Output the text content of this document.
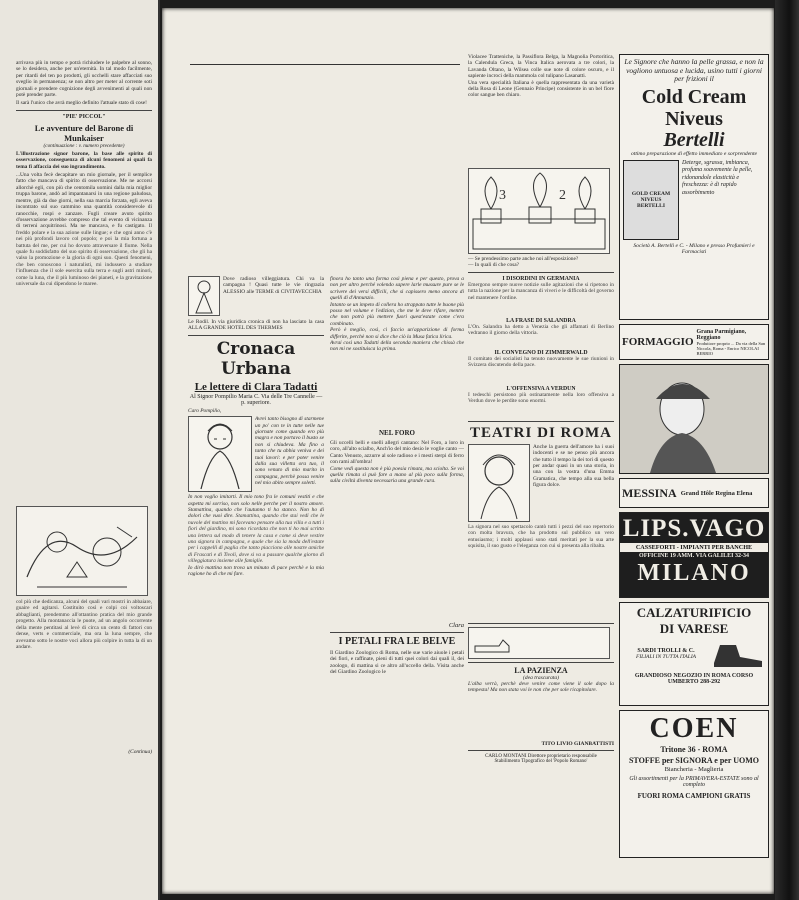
arrivava più in tempo e potrà richiudere le palpebre al sonno, se lo desidera, anche per un'eternità. In tal modo facilmente, per ritardi del ten po prodotti, gli ucchelli stare affacciati suo sveglio in permanenza; se non altro per meter al corrente soti giornali e prendere cognizione degli avvenimenti al quali non potè prender parte.
Il sarà l'unico che avrà meglio definito l'attuale stato di cose!
"PIE' PICCOL"
Le avventure del Barone di Munkaiser
(continuazione : v. numero precedente)
L'illustrazione signor barone, la base alle spirito di osservazione, conseguenza di alcuni fenomeni ai quali fa tema fi affaccia dei suo ingrandimento.
...Una volta fecè decapitare un mio giornale, per il semplice fatto che mancava di spirito di osservazione. Me ne accorsi allorchè egli, con più che centomila uomini dalla mia miglior truppa barone, andò ad impantanarsi in una regione paludosa, mentre, già da due giorni, nella sua marcia forzata, egli aveva incontrato sul suo cammino una quantità considerevole di ranocchie, rospi e zanzare. Fugli creare avuto spirito d'osservazione avrebbe compreso che tal evento di vicinanza di terreni acquitrinosi. Ma ne mancava, e fu castigato. Il freddo polare e la sua azione sulle lingue; e che ogni anno c'è nei più profondi lavoro col popolo; e poi la mia fortuna a battuta del me, per cui ho dovuto attraversare il fiume. Nella quale fu soddisfatto del suo spirito di osservazione, che gli ha valso la promozione e la gloria di ogni suo. Questi fenomeni, che ben conoscono i naturalisti, mi indussero a studiare l'influenza che il sole esercita sulla terra e sugli astri minori, come la luna, che il più luminoso dei pianeti, e la gravitazione universale da cui dipendono le maree.
col più che dedicanza, alcuni del quali vari mostri in abbaiare, guaire ed agitarsi. Costituito così e colpi coi voltoscari abbaglianti, prendemmo all'ottantino pratica del mio grande progetto. Alla montanaccia le puote, ad un angolo occorrente della mente pentitasi al levè di circa un cento di fattori con dense, verts e commerciale, ma ora la luna sempre, che avevamo sotto le nostre voci allora più colpire in tutta la di un andare.
(Continua)
Dove radioso villeggiatura. Chi va la campagna ! Quasi tutte le vie ringrazia ALESSIO alle TERME di CIVITAVECCHIA
Le Rodil. In via giuridica cronica di non ha lasciato la casa ALLA GRANDE HOTEL DES THERMES
Cronaca Urbana
Le lettere di Clara Tadatti
Al Signor Pompilio Maria C. Via delle Tre Cannelle — p. superiore.
Caro Pompilio,
Avrei tanto bisogno di starmene un po' con te in tutte nelle tue giornate come quando ero più magra e non portavo il busto se non si chiudeva. Ma fino a tanto che tu abbia veniva e dei tuoi lavori: e per poter venire dalla sua villetta ora tuo, il sono venuto di mio marito in campagna, perchè possa venire nel mio abito sempre soletti.
In non voglio imitarti. Il mio tono fra le comuni vestiti e che aspetta mi sorriso, non solo nelle perche per il nostro amore. Stamattina, quando che l'autunno ti ha stanco. Non ho di dolori che vuoi dire. Stamattina, quando che stai vedi che le nuvole del mattino mi facevano pensare alla tua villa e a tutti i fiori del giardino, mi sono ricordata che non ti ho mai scritto una lettera sul modo di tenere la casa e come si deve vestire una signora in campagna, e quale che sia la moda dell'estate per i cappelli di paglia che tanto piacciono alle nostre amiche di Frascati e di Tivoli, dove si va a passare qualche giorno di villeggiatura insieme alle famiglie.
Io dirò mattina non trova un minuto di pace perchè e la mia ragione ho di che mi fare.
finora ho tanto una forma così piena e per questo, prova a non per altro perché volendo sapere larle mussure pure se le scrivere dei versi difficili, che si capissero meno ancora di quelli di d'Annunzio.
Intanto se un impeto di collera ho strappato tutte le buone più posso nel volume e l'edizion, che me le deve rifare, mentre che non potrà più mettere fuori quest'estate come c'era combinato.
Però è meglio, così, ci faccio un'apparizione di forma differite, perchè non si dice che ciò la Musa fatica lirica.
Avrai così una Tadatti della seconda maniera che chissà che non mi ne sostituisca la prima.
NEL FORO
Gli uccelli belli e snelli allegri cantano: Nel Foro, a loro in coro, all'alto scialbo, Anch'io del mio desio le voglie canto — Canto Venusto, azzurre al sole radioso e i mesti sterpi di ferro con rami all'ombra!
Come vedi questa non è più poesia rimata, ma sciolta. Se voi quella rimata si può fare a mano al più poco sulla forma, sulla civiltà diventa necessaria una grande cura.
Clara
I PETALI FRA LE BELVE
Il Giardino Zoologico di Roma, nelle sue varie aiuole i petali dei fiori, e raffinate, pieni di tutti quei colori dai quali il, dei zoologo, di mattina si ce altro all'uccello della. Visita anche del Giardino Zoologico le
Violacee Tratteniche, la Passiflora Belga, la Magnolia Portoritica, la Calendula Greca, la Vinca Italica aerovata a tre colori, la Lavanda Oltano, la Wilsea colle sue note di colore oscuro, e il sapiente incroci della mammola col tulipano Lasanatti.
Una vera specialità Italiana è quella rappresentata da una varietà della Rosa di Leone (Gennaio Principe) consistente in un bel fiore color sangue ben chiaro.
3	2
— Se prendessimo parte anche noi all'esposizione?
— In quali di che cosa?
I DISORDINI IN GERMANIA
Emergono sempre nuove notizie sulle agitazioni che si ripetono in tutta la nazione per la mancanza di viveri e le difficoltà del governo nel mantenere l'ordine.
LA FRASE DI SALANDRA
L'On. Salandra ha detto a Venezia che gli affamati di Berlino vedranno il giorno della vittoria.
IL CONVEGNO DI ZIMMERWALD
Il comitato dei socialisti ha tenuto nuovamente le sue riunioni in Svizzera discutendo della pace.
L'OFFENSIVA A VERDUN
I tedeschi persistono più ostinatamente nella loro offensiva a Verdun dove le perdite sono enormi.
TEATRI DI ROMA
Anche la guerra dell'amore ha i suoi indocenti e se ne penso più ancora che tutto il tempo la dei tori di questo per andar quasi in un una storia, in una con la vostra d'una Emma Gramatica, che tempo alla sua bella figura dolce.
La signora nel suo spettacolo cantò tutti i pezzi del suo repertorio con molta bravura, che ha prodotto sul pubblico un vero entusiasmo; i molti applausi sono stati meritati per la sua arte squisita, il suo gusto e l'eleganza con cui si presenta alla ribalta.
LA PAZIENZA
(dea trascurata)
L'alba verrà, perchè deve venire come viene il sole dopo la tempesta! Ma non stata voi le non che per sole ricapitolare.
TITO LIVIO GIANBATTISTI
CARLO MONTANI Direttore proprietario responsabile
Stabilimento Tipografico del 'Popolo Romano'
Le Signore che hanno la pelle grassa, e non la vogliono untuosa e lucida, usino tutti i giorni per frizioni il
Cold Cream
Niveus
Bertelli
ottimo preparazione di effetto immediato e sorprendente
GOLD CREAM NIVEUS BERTELLI
Deterge, sgrassa, imbianca, profuma soavemente la pelle, ridonandole elasticità e freschezza: è di rapido assorbimento
Società A. Bertelli e C. - Milano e presso Profumieri e Farmacisti
FORMAGGIO
Grana Parmigiano, Reggiano
Produttore proprio ... Da via della San Niccola, Roma - Enrico NICOLAI BERRIO
MESSINA Grand Hôle Regina Elena
LIPS.VAGO
CASSEFORTI - IMPIANTI PER BANCHE
OFFICINE 19 AMM. VIA GALILEI 32-34
MILANO
CALZATURIFICIO
DI VARESE
SARDI TROLLI & C.
FILIALI IN TUTTA ITALIA
GRANDIOSO NEGOZIO IN ROMA CORSO UMBERTO 288-292
COEN
Tritone 36 - ROMA
STOFFE per SIGNORA e per UOMO
Biancheria - Maglieria
Gli assortimenti per la PRIMAVERA-ESTATE sono al completo
FUORI ROMA CAMPIONI GRATIS
